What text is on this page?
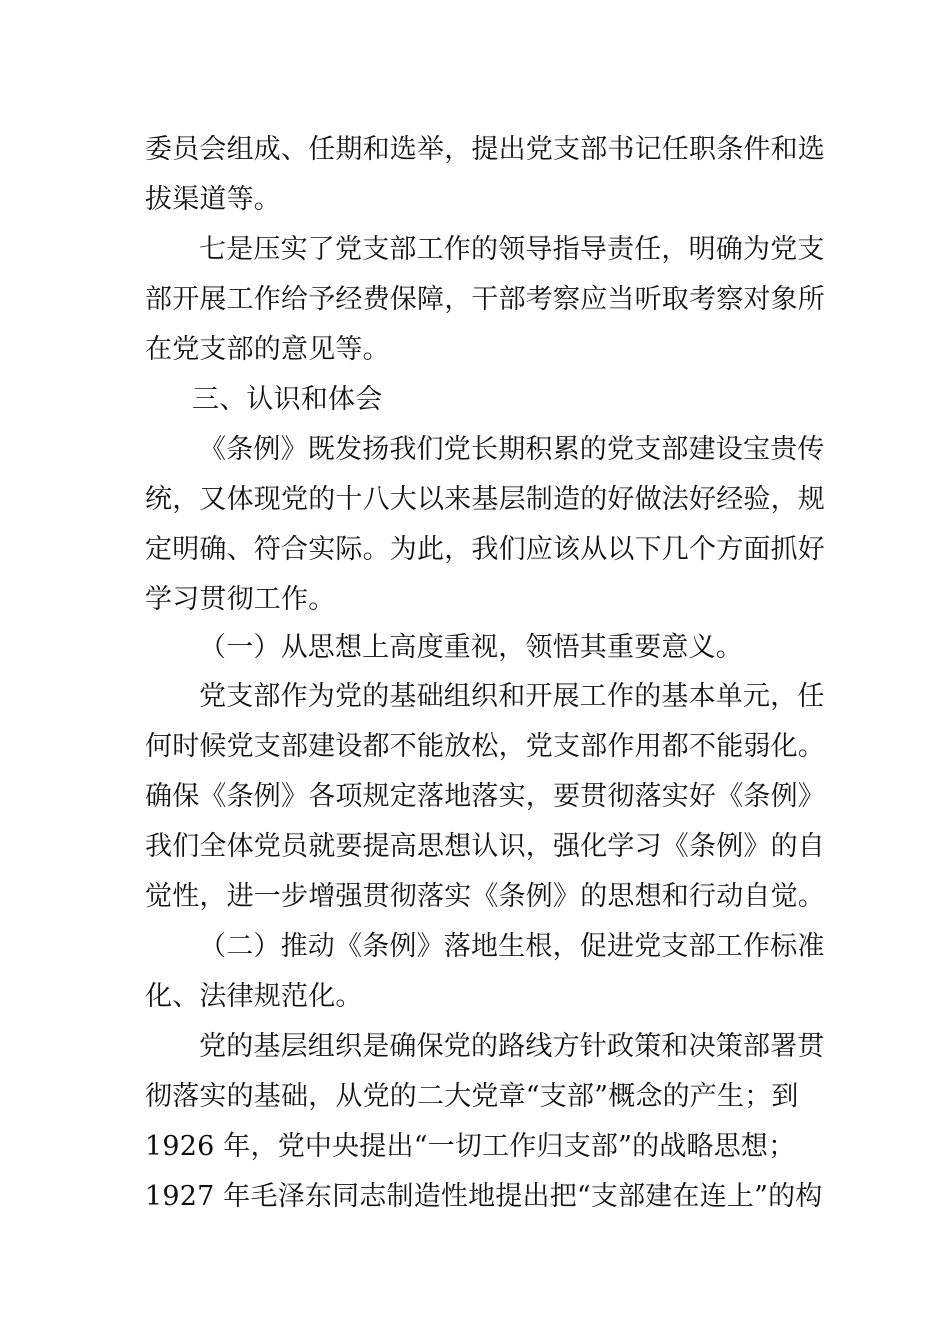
委员会组成、任期和选举，提出党支部书记任职条件和选
拔渠道等。
七是压实了党支部工作的领导指导责任，明确为党支
部开展工作给予经费保障，干部考察应当听取考察对象所
在党支部的意见等。
三、认识和体会
《条例》既发扬我们党长期积累的党支部建设宝贵传
统，又体现党的十八大以来基层制造的好做法好经验，规
定明确、符合实际。为此，我们应该从以下几个方面抓好
学习贯彻工作。
（一）从思想上高度重视，领悟其重要意义。
党支部作为党的基础组织和开展工作的基本单元，任
何时候党支部建设都不能放松，党支部作用都不能弱化。
确保《条例》各项规定落地落实，要贯彻落实好《条例》
我们全体党员就要提高思想认识，强化学习《条例》的自
觉性，进一步增强贯彻落实《条例》的思想和行动自觉。
（二）推动《条例》落地生根，促进党支部工作标准
化、法律规范化。
党的基层组织是确保党的路线方针政策和决策部署贯
彻落实的基础，从党的二大党章“支部”概念的产生；到
1926 年，党中央提出“一切工作归支部”的战略思想；
1927 年毛泽东同志制造性地提出把“支部建在连上”的构
